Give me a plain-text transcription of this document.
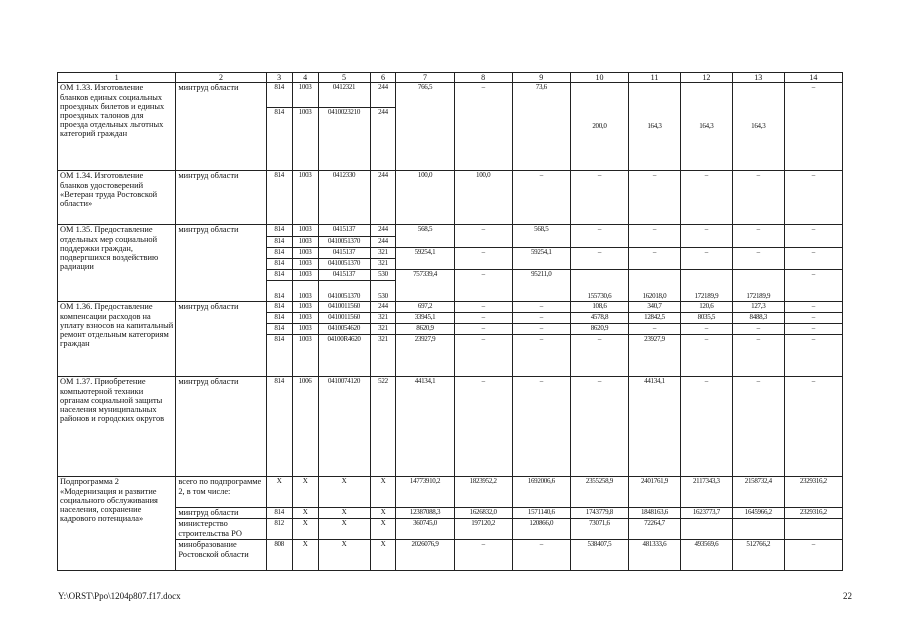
1	2	3	4	5	6	7	8	9	10	11	12	13	14
ОМ 1.33. Изготовление бланков единых социальных проездных билетов и единых проездных талонов для проезда отдельных льготных категорий граждан	минтруд области	814	1003	0412321	244	766,5	–	73,6	200,0	164,3	164,3	164,3	–
		814	1003	0410023210	244								
ОМ 1.34. Изготовление бланков удостоверений «Ветеран труда Ростовской области»	минтруд области	814	1003	0412330	244	100,0	100,0	–	–	–	–	–	–
ОМ 1.35. Предоставление отдельных мер социальной поддержки граждан, подвергшихся воздействию радиации	минтруд области	814	1003	0415137	244	568,5	–	568,5	–	–	–	–	–
		814	1003	0410051370	244								
		814	1003	0415137	321	59254,1	–	59254,1	–	–	–	–	–
		814	1003	0410051370	321								
		814	1003	0415137	530	757339,4	–	95211,0	155730,6	162018,0	172189,9	172189,9	–
		814	1003	0410051370	530								
ОМ 1.36. Предоставление компенсации расходов на уплату взносов на капитальный ремонт отдельным категориям граждан	минтруд области	814	1003	0410011560	244	697,2	–	–	108,6	340,7	120,6	127,3	–
		814	1003	0410011560	321	33945,1	–	–	4578,8	12842,5	8035,5	8488,3	–
		814	1003	0410054620	321	8620,9	–	–	8620,9	–	–	–	–
		814	1003	04100R4620	321	23927,9	–	–	–	23927,9	–	–	–
ОМ 1.37. Приобретение компьютерной техники органам социальной защиты населения муниципальных районов и городских округов	минтруд области	814	1006	0410074120	522	44134,1	–	–	–	44134,1	–	–	–
Подпрограмма 2 «Модернизация и развитие социального обслуживания населения, сохранение кадрового потенциала»	всего по подпрограмме 2, в том числе:	X	X	X	X	14773910,2	1823952,2	1692006,6	2355258,9	2401761,9	2117343,3	2158732,4	2329316,2
	минтруд области	814	X	X	X	12387088,3	1626832,0	1571140,6	1743779,8	1848163,6	1623773,7	1645966,2	2329316,2
	министерство строительства РО	812	X	X	X	360745,0	197120,2	120866,0	73071,6	72264,7			
	минобразование Ростовской области	808	X	X	X	2026076,9	–	–	538407,5	481333,6	493569,6	512766,2	–
Y:\ORST\Ppo\1204p807.f17.docx	22
